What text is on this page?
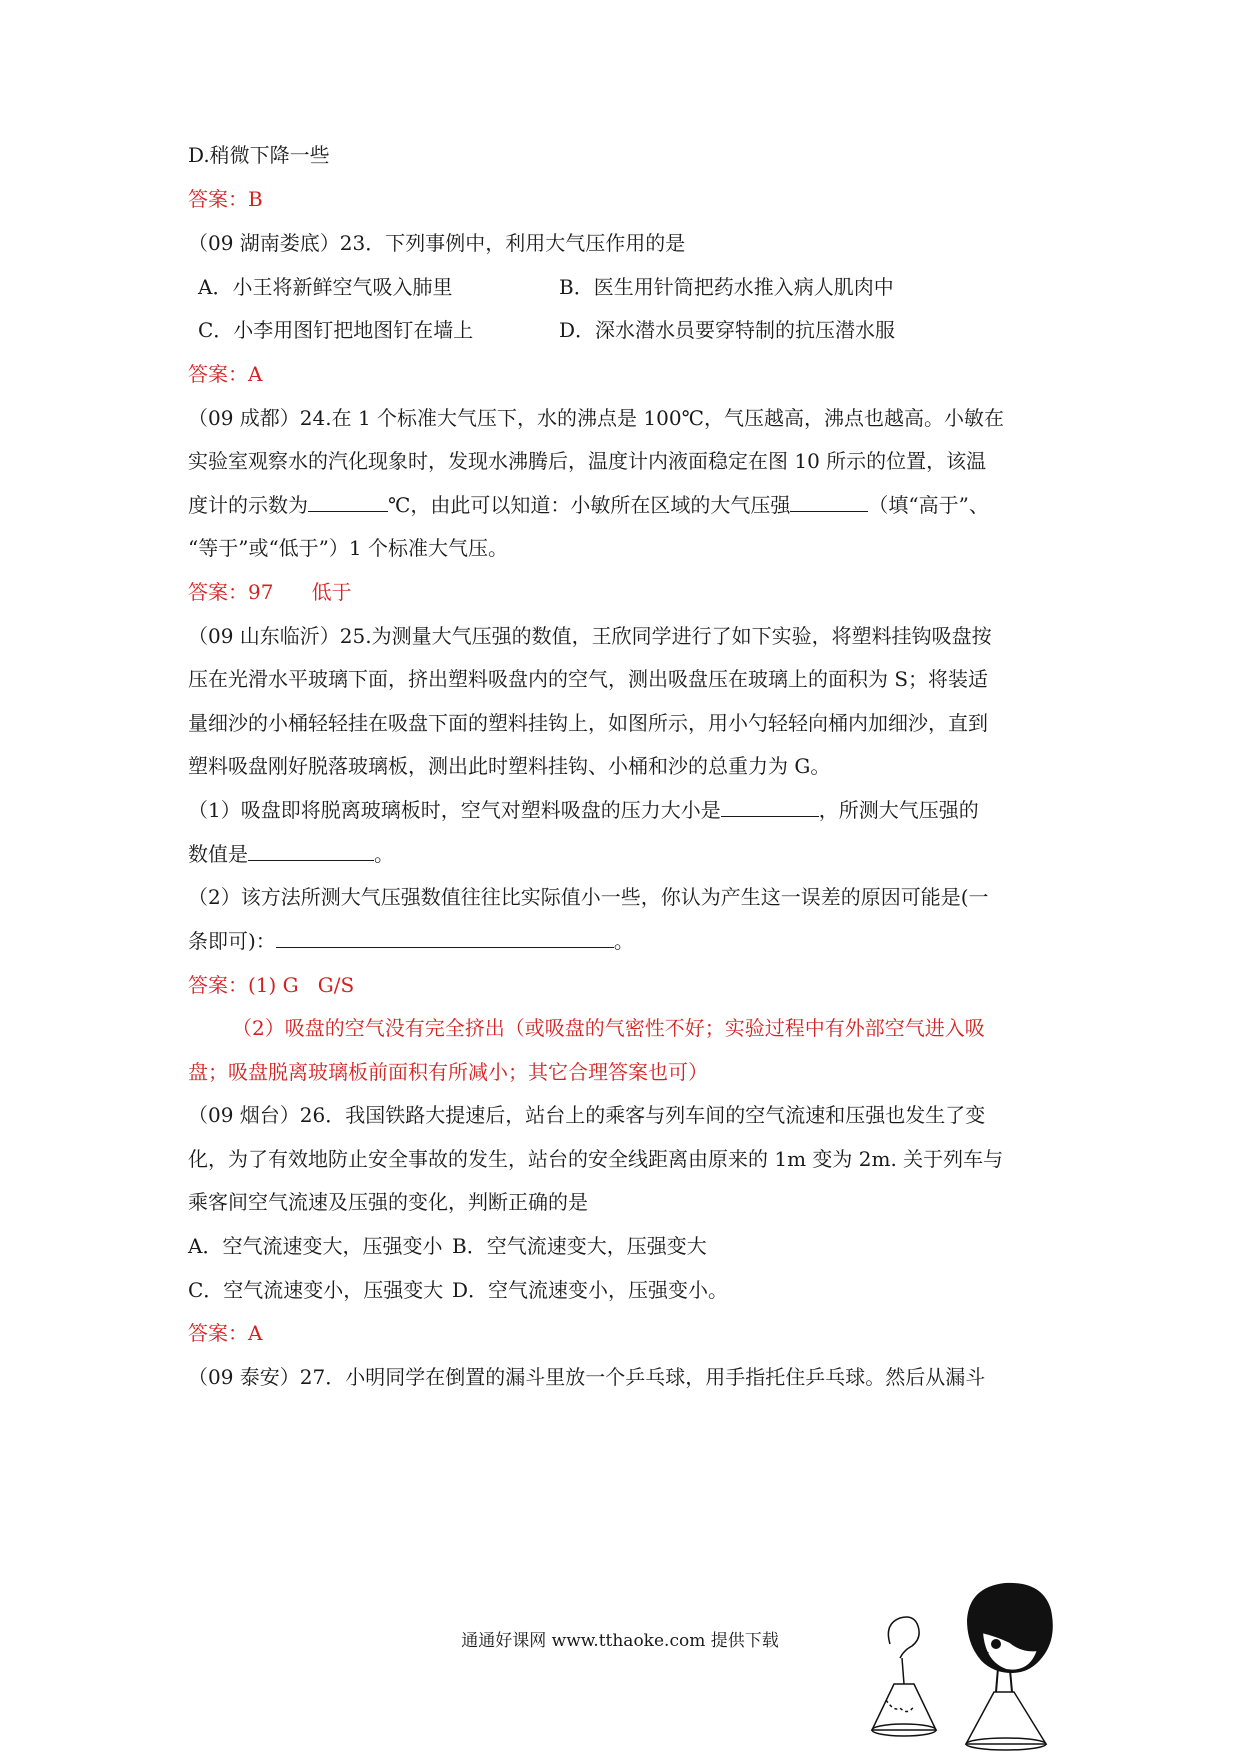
D.稍微下降一些
答案：B
（09 湖南娄底）23．下列事例中，利用大气压作用的是
A．小王将新鲜空气吸入肺里	B．医生用针筒把药水推入病人肌肉中
C．小李用图钉把地图钉在墙上	D．深水潜水员要穿特制的抗压潜水服
答案：A
（09 成都）24.在 1 个标准大气压下，水的沸点是 100℃，气压越高，沸点也越高。小敏在
实验室观察水的汽化现象时，发现水沸腾后，温度计内液面稳定在图 10 所示的位置，该温
度计的示数为	℃，由此可以知道：小敏所在区域的大气压强	（填“高于”、
“等于”或“低于”）1 个标准大气压。
答案：97      低于
（09 山东临沂）25.为测量大气压强的数值，王欣同学进行了如下实验，将塑料挂钩吸盘按
压在光滑水平玻璃下面，挤出塑料吸盘内的空气，测出吸盘压在玻璃上的面积为 S；将装适
量细沙的小桶轻轻挂在吸盘下面的塑料挂钩上，如图所示，用小勺轻轻向桶内加细沙，直到
塑料吸盘刚好脱落玻璃板，测出此时塑料挂钩、小桶和沙的总重力为 G。
（1）吸盘即将脱离玻璃板时，空气对塑料吸盘的压力大小是	，所测大气压强的
数值是	。
（2）该方法所测大气压强数值往往比实际值小一些，你认为产生这一误差的原因可能是(一
条即可)：	。
答案：(1) G   G/S
（2）吸盘的空气没有完全挤出（或吸盘的气密性不好；实验过程中有外部空气进入吸
盘；吸盘脱离玻璃板前面积有所减小；其它合理答案也可）
（09 烟台）26．我国铁路大提速后，站台上的乘客与列车间的空气流速和压强也发生了变
化，为了有效地防止安全事故的发生，站台的安全线距离由原来的 1m 变为 2m. 关于列车与
乘客间空气流速及压强的变化，判断正确的是
A．空气流速变大，压强变小 B．空气流速变大，压强变大
C．空气流速变小，压强变大 D．空气流速变小，压强变小。
答案：A
（09 泰安）27．小明同学在倒置的漏斗里放一个乒乓球，用手指托住乒乓球。然后从漏斗
通通好课网 www.tthaoke.com 提供下载
